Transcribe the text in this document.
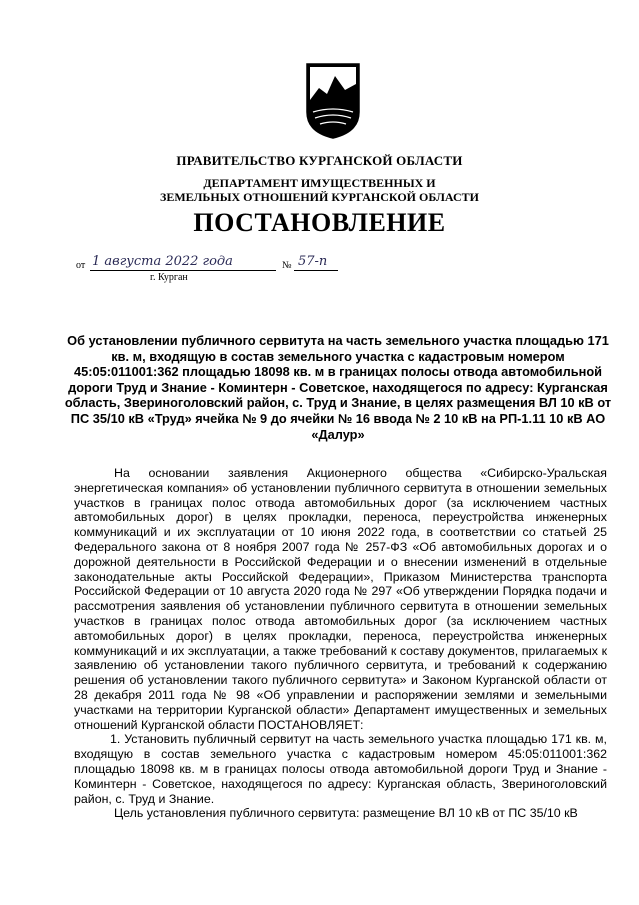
ПРАВИТЕЛЬСТВО КУРГАНСКОЙ ОБЛАСТИ
ДЕПАРТАМЕНТ ИМУЩЕСТВЕННЫХ И
ЗЕМЕЛЬНЫХ ОТНОШЕНИЙ КУРГАНСКОЙ ОБЛАСТИ
ПОСТАНОВЛЕНИЕ
от 1 августа 2022 года	№ 57-п
г. Курган
Об установлении публичного сервитута на часть земельного участка площадью 171 кв. м, входящую в состав земельного участка с кадастровым номером 45:05:011001:362 площадью 18098 кв. м в границах полосы отвода автомобильной дороги Труд и Знание - Коминтерн - Советское, находящегося по адресу: Курганская область, Звериноголовский район, с. Труд и Знание, в целях размещения ВЛ 10 кВ от ПС 35/10 кВ «Труд» ячейка № 9 до ячейки № 16 ввода № 2 10 кВ на РП-1.11 10 кВ АО «Далур»

На основании заявления Акционерного общества «Сибирско-Уральская энергетическая компания» об установлении публичного сервитута в отношении земельных участков в границах полос отвода автомобильных дорог (за исключением частных автомобильных дорог) в целях прокладки, переноса, переустройства инженерных коммуникаций и их эксплуатации от 10 июня 2022 года, в соответствии со статьей 25 Федерального закона от 8 ноября 2007 года № 257-ФЗ «Об автомобильных дорогах и о дорожной деятельности в Российской Федерации и о внесении изменений в отдельные законодательные акты Российской Федерации», Приказом Министерства транспорта Российской Федерации от 10 августа 2020 года № 297 «Об утверждении Порядка подачи и рассмотрения заявления об установлении публичного сервитута в отношении земельных участков в границах полос отвода автомобильных дорог (за исключением частных автомобильных дорог) в целях прокладки, переноса, переустройства инженерных коммуникаций и их эксплуатации, а также требований к составу документов, прилагаемых к заявлению об установлении такого публичного сервитута, и требований к содержанию решения об установлении такого публичного сервитута» и Законом Курганской области от 28 декабря 2011 года № 98 «Об управлении и распоряжении землями и земельными участками на территории Курганской области» Департамент имущественных и земельных отношений Курганской области ПОСТАНОВЛЯЕТ:

1. Установить публичный сервитут на часть земельного участка площадью 171 кв. м, входящую в состав земельного участка с кадастровым номером 45:05:011001:362 площадью 18098 кв. м в границах полосы отвода автомобильной дороги Труд и Знание - Коминтерн - Советское, находящегося по адресу: Курганская область, Звериноголовский район, с. Труд и Знание.

Цель установления публичного сервитута: размещение ВЛ 10 кВ от ПС 35/10 кВ
